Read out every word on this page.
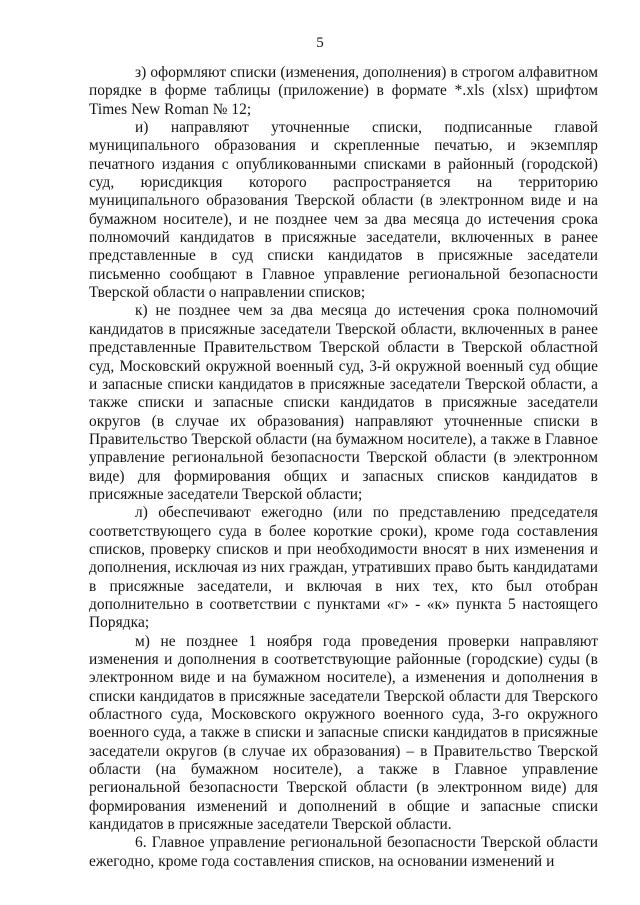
5

з) оформляют списки (изменения, дополнения) в строгом алфавитном порядке в форме таблицы (приложение) в формате *.xls (xlsx) шрифтом Times New Roman № 12;

и) направляют уточненные списки, подписанные главой муниципального образования и скрепленные печатью, и экземпляр печатного издания с опубликованными списками в районный (городской) суд, юрисдикция которого распространяется на территорию муниципального образования Тверской области (в электронном виде и на бумажном носителе), и не позднее чем за два месяца до истечения срока полномочий кандидатов в присяжные заседатели, включенных в ранее представленные в суд списки кандидатов в присяжные заседатели письменно сообщают в Главное управление региональной безопасности Тверской области о направлении списков;

к) не позднее чем за два месяца до истечения срока полномочий кандидатов в присяжные заседатели Тверской области, включенных в ранее представленные Правительством Тверской области в Тверской областной суд, Московский окружной военный суд, 3-й окружной военный суд общие и запасные списки кандидатов в присяжные заседатели Тверской области, а также списки и запасные списки кандидатов в присяжные заседатели округов (в случае их образования) направляют уточненные списки в Правительство Тверской области (на бумажном носителе), а также в Главное управление региональной безопасности Тверской области (в электронном виде) для формирования общих и запасных списков кандидатов в присяжные заседатели Тверской области;

л) обеспечивают ежегодно (или по представлению председателя соответствующего суда в более короткие сроки), кроме года составления списков, проверку списков и при необходимости вносят в них изменения и дополнения, исключая из них граждан, утративших право быть кандидатами в присяжные заседатели, и включая в них тех, кто был отобран дополнительно в соответствии с пунктами «г» - «к» пункта 5 настоящего Порядка;

м) не позднее 1 ноября года проведения проверки направляют изменения и дополнения в соответствующие районные (городские) суды (в электронном виде и на бумажном носителе), а изменения и дополнения в списки кандидатов в присяжные заседатели Тверской области для Тверского областного суда, Московского окружного военного суда, 3-го окружного военного суда, а также в списки и запасные списки кандидатов в присяжные заседатели округов (в случае их образования) – в Правительство Тверской области (на бумажном носителе), а также в Главное управление региональной безопасности Тверской области (в электронном виде) для формирования изменений и дополнений в общие и запасные списки кандидатов в присяжные заседатели Тверской области.

6. Главное управление региональной безопасности Тверской области ежегодно, кроме года составления списков, на основании изменений и
